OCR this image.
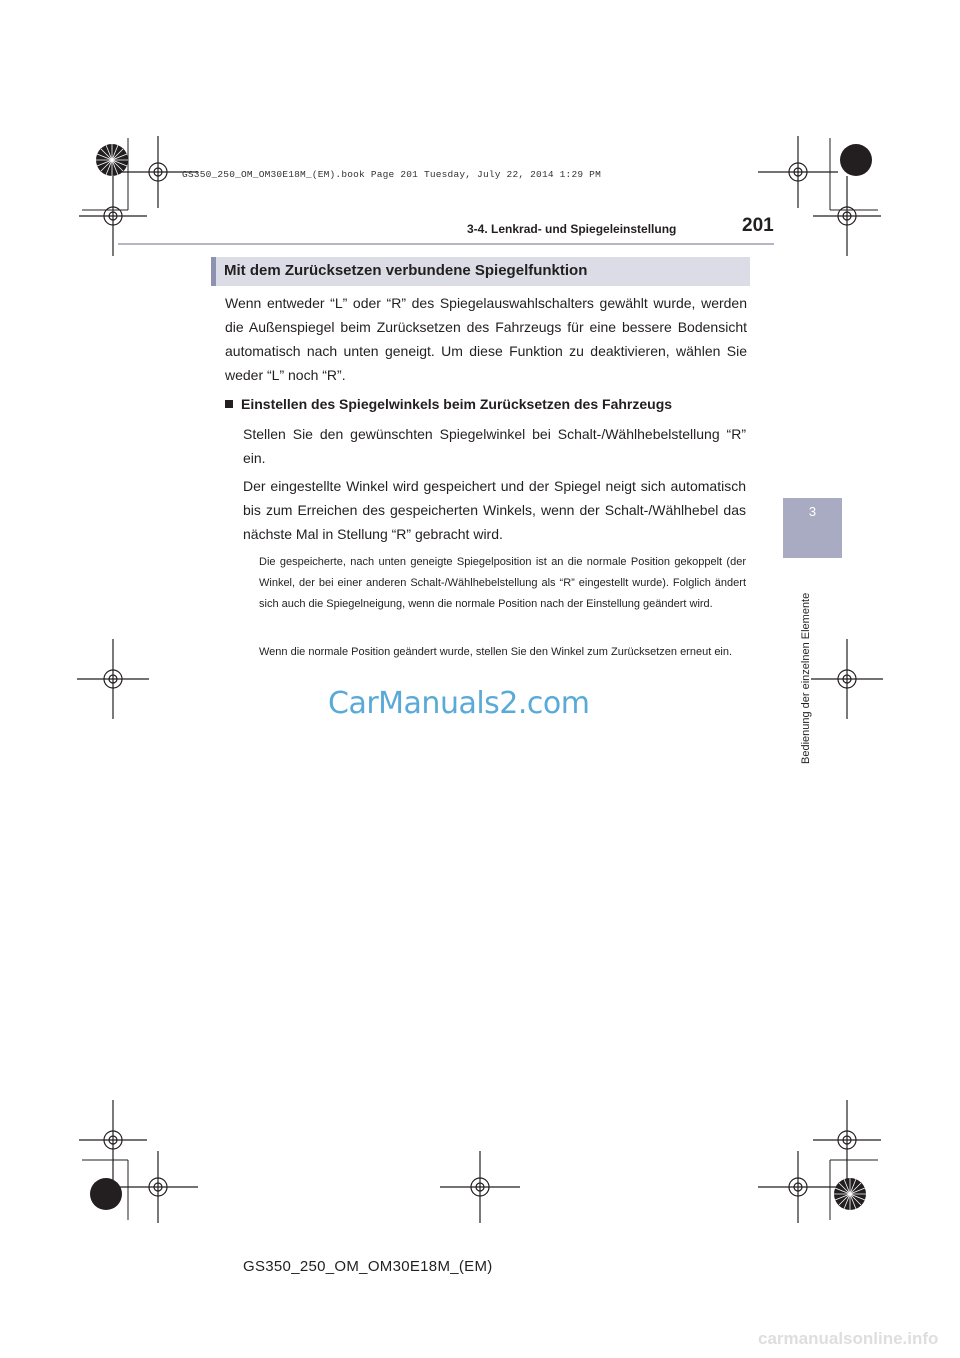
GS350_250_OM_OM30E18M_(EM).book Page 201 Tuesday, July 22, 2014 1:29 PM
3-4. Lenkrad- und Spiegeleinstellung	201
3
Bedienung der einzelnen Elemente
Mit dem Zurücksetzen verbundene Spiegelfunktion
Wenn entweder “L” oder “R” des Spiegelauswahlschalters gewählt wurde, werden die Außenspiegel beim Zurücksetzen des Fahrzeugs für eine bessere Bodensicht automatisch nach unten geneigt. Um diese Funktion zu deaktivieren, wählen Sie weder “L” noch “R”.
Einstellen des Spiegelwinkels beim Zurücksetzen des Fahrzeugs
Stellen Sie den gewünschten Spiegelwinkel bei Schalt-/Wählhebelstellung “R” ein.
Der eingestellte Winkel wird gespeichert und der Spiegel neigt sich automatisch bis zum Erreichen des gespeicherten Winkels, wenn der Schalt-/Wählhebel das nächste Mal in Stellung “R” gebracht wird.
Die gespeicherte, nach unten geneigte Spiegelposition ist an die normale Position gekoppelt (der Winkel, der bei einer anderen Schalt-/Wählhebelstellung als “R” eingestellt wurde). Folglich ändert sich auch die Spiegelneigung, wenn die normale Position nach der Einstellung geändert wird.
Wenn die normale Position geändert wurde, stellen Sie den Winkel zum Zurücksetzen erneut ein.
CarManuals2.com
GS350_250_OM_OM30E18M_(EM)
carmanualsonline.info
